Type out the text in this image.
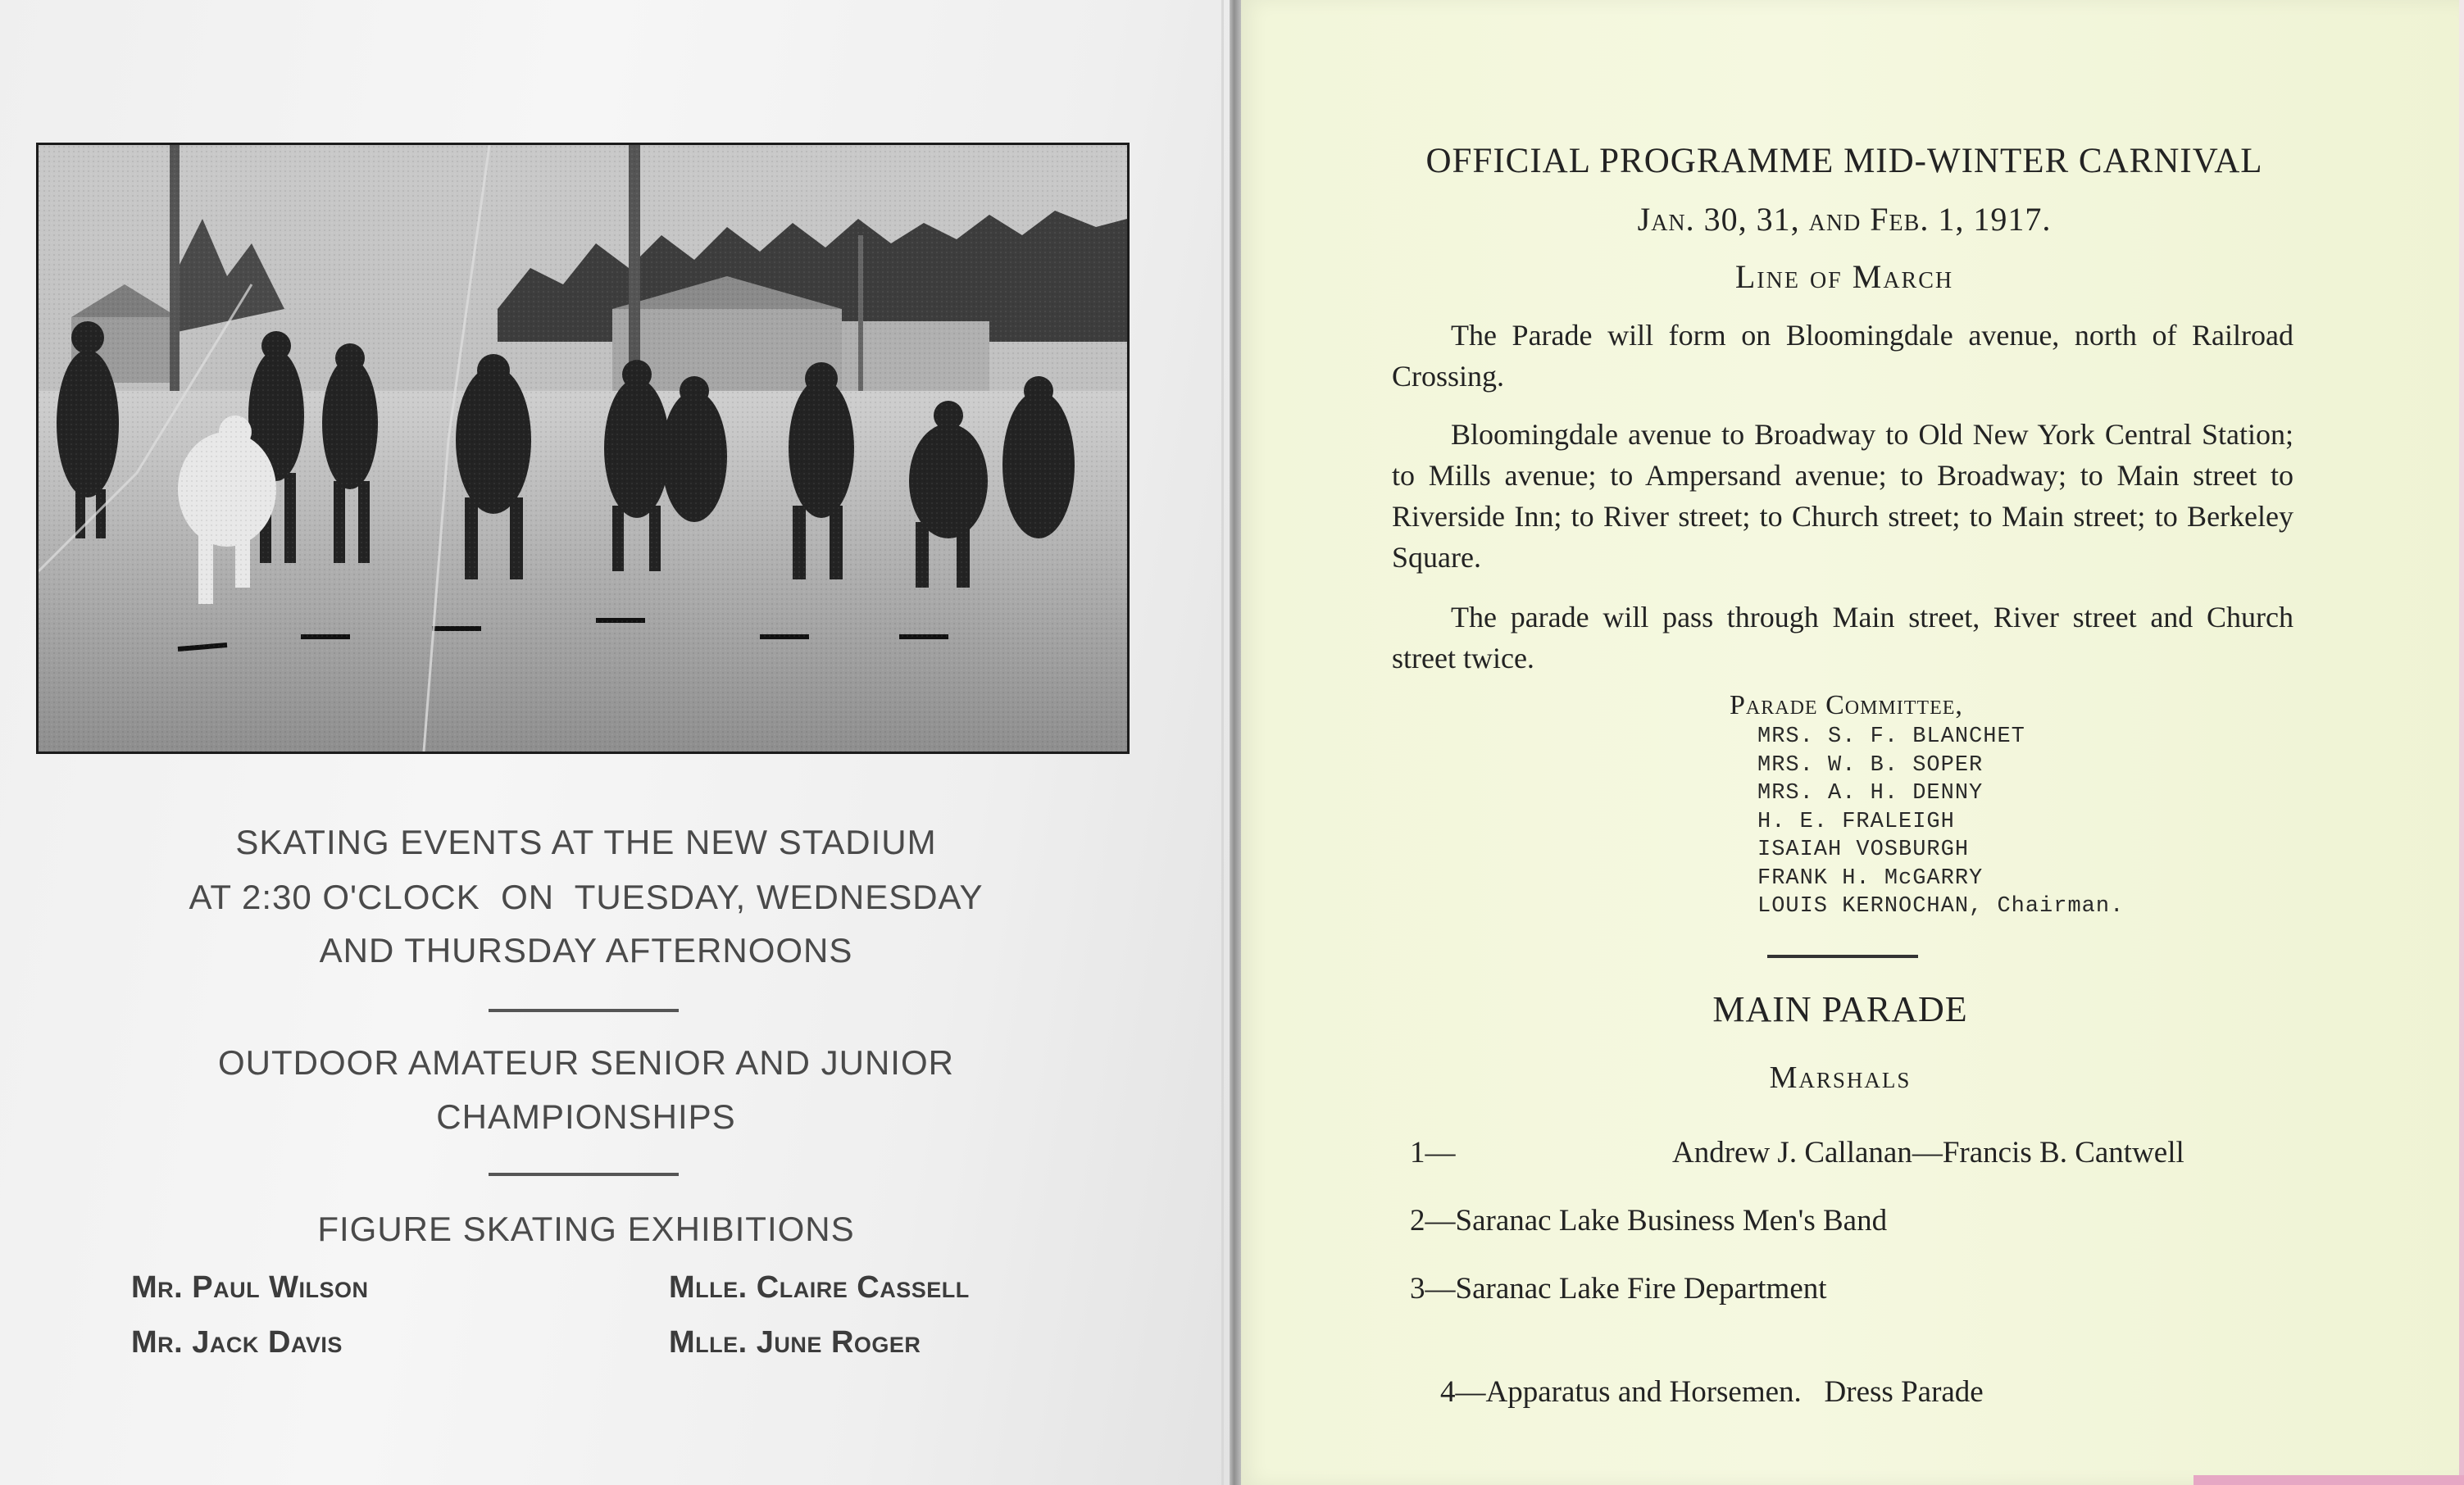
SKATING EVENTS AT THE NEW STADIUM
AT 2:30 O'CLOCK  ON  TUESDAY, WEDNESDAY
AND THURSDAY AFTERNOONS
OUTDOOR AMATEUR SENIOR AND JUNIOR
CHAMPIONSHIPS
FIGURE SKATING EXHIBITIONS
Mr. Paul Wilson	Mlle. Claire Cassell
Mr. Jack Davis	Mlle. June Roger
OFFICIAL PROGRAMME MID-WINTER CARNIVAL
Jan. 30, 31, and Feb. 1, 1917.
Line of March
The Parade will form on Bloomingdale avenue, north of Railroad Crossing.
Bloomingdale avenue to Broadway to Old New York Central Station; to Mills avenue; to Ampersand avenue; to Broadway; to Main street to Riverside Inn; to River street; to Church street; to Main street; to Berkeley Square.
The parade will pass through Main street, River street and Church street twice.
Parade Committee,
MRS. S. F. BLANCHET
MRS. W. B. SOPER
MRS. A. H. DENNY
H. E. FRALEIGH
ISAIAH VOSBURGH
FRANK H. McGARRY
LOUIS KERNOCHAN, Chairman.
MAIN PARADE
Marshals
1—	Andrew J. Callanan—Francis B. Cantwell
2—Saranac Lake Business Men's Band
3—Saranac Lake Fire Department

4—Apparatus and Horsemen.   Dress Parade
